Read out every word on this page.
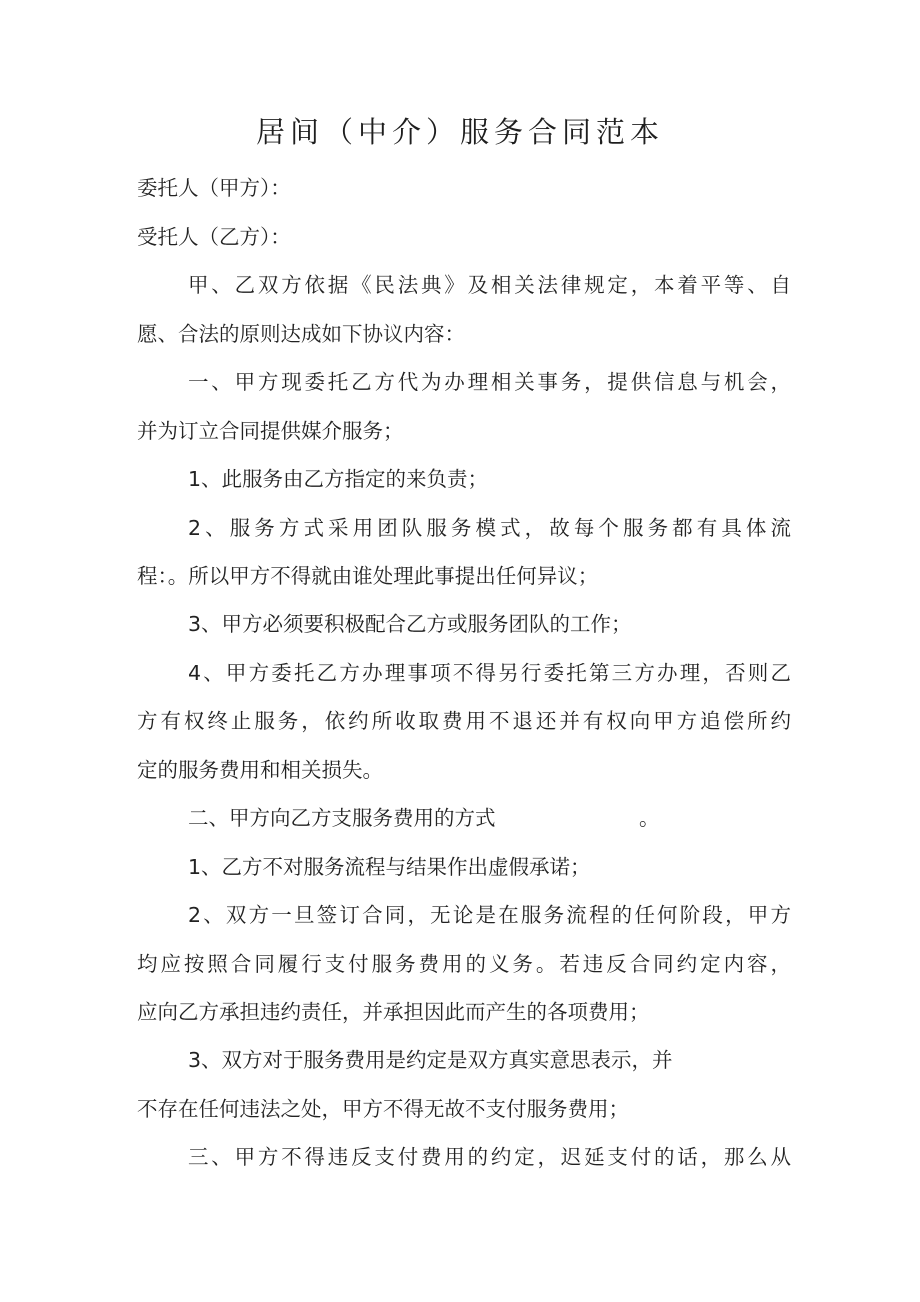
居间（中介）服务合同范本
委托人（甲方）：
受托人（乙方）：
甲、乙双方依据《民法典》及相关法律规定，本着平等、自
愿、合法的原则达成如下协议内容：
一、甲方现委托乙方代为办理相关事务，提供信息与机会，
并为订立合同提供媒介服务；
1、此服务由乙方指定的来负责；
2、服务方式采用团队服务模式，故每个服务都有具体流
程：。所以甲方不得就由谁处理此事提出任何异议；
3、甲方必须要积极配合乙方或服务团队的工作；
4、甲方委托乙方办理事项不得另行委托第三方办理，否则乙
方有权终止服务，依约所收取费用不退还并有权向甲方追偿所约
定的服务费用和相关损失。
二、甲方向乙方支服务费用的方式　　　　　　　。
1、乙方不对服务流程与结果作出虚假承诺；
2、双方一旦签订合同，无论是在服务流程的任何阶段，甲方
均应按照合同履行支付服务费用的义务。若违反合同约定内容，
应向乙方承担违约责任，并承担因此而产生的各项费用；
3、双方对于服务费用是约定是双方真实意思表示，并
不存在任何违法之处，甲方不得无故不支付服务费用；
三、甲方不得违反支付费用的约定，迟延支付的话，那么从
